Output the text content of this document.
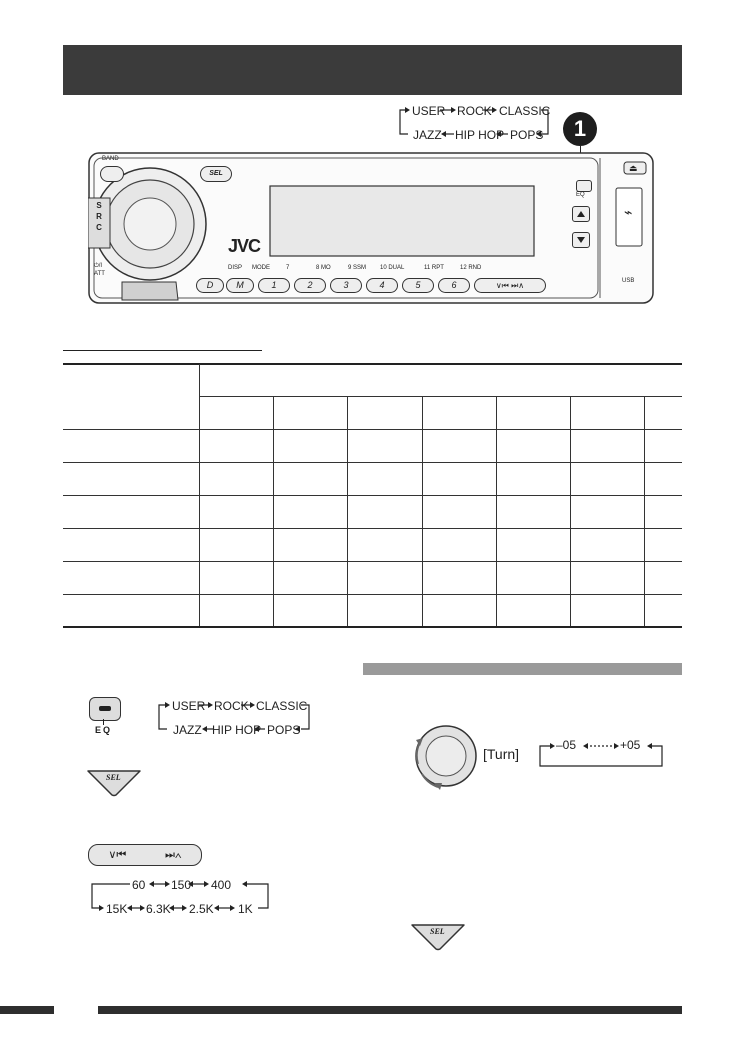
USER ROCK CLASSIC
JAZZ HIP HOP POPS	1
BAND
S
R
C
⏻/I
ATT
SEL
JVC
EQ
⏏
⌁
USB
DISP MODE	7	8 MO	9 SSM 10 DUAL	11 RPT	12 RND
D	M	1	2	3	4	5	6	∨⏮ ⏭∧

EQ
USER ROCK CLASSIC
JAZZ HIP HOP POPS
SEL
∨⏮	⏭∧
60 150 400
15K 6.3K 2.5K 1K
[Turn]
–05	+05
SEL
